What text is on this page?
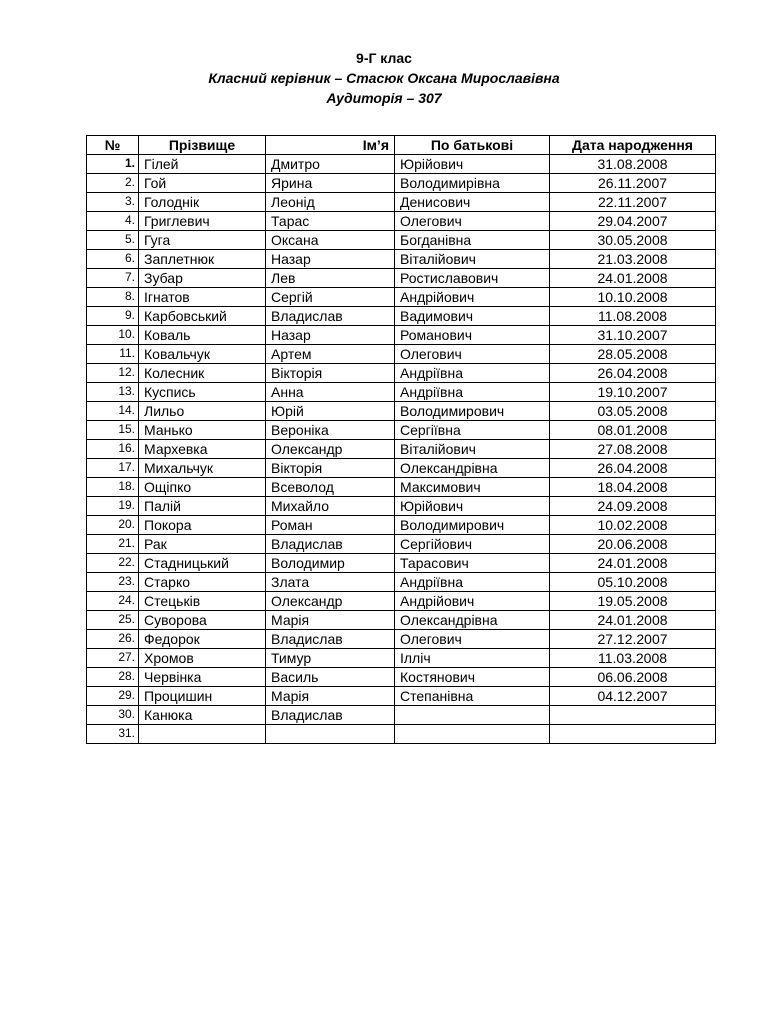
9-Г клас
Класний керівник – Стасюк Оксана Мирославівна
Аудиторія – 307
№	Прізвище	Ім’я	По батькові	Дата народження
1.	Гілей	Дмитро	Юрійович	31.08.2008
2.	Гой	Ярина	Володимирівна	26.11.2007
3.	Голоднік	Леонід	Денисович	22.11.2007
4.	Григлевич	Тарас	Олегович	29.04.2007
5.	Гуга	Оксана	Богданівна	30.05.2008
6.	Заплетнюк	Назар	Віталійович	21.03.2008
7.	Зубар	Лев	Ростиславович	24.01.2008
8.	Ігнатов	Сергій	Андрійович	10.10.2008
9.	Карбовський	Владислав	Вадимович	11.08.2008
10.	Коваль	Назар	Романович	31.10.2007
11.	Ковальчук	Артем	Олегович	28.05.2008
12.	Колесник	Вікторія	Андріївна	26.04.2008
13.	Куспись	Анна	Андріївна	19.10.2007
14.	Лильо	Юрій	Володимирович	03.05.2008
15.	Манько	Вероніка	Сергіївна	08.01.2008
16.	Мархевка	Олександр	Віталійович	27.08.2008
17.	Михальчук	Вікторія	Олександрівна	26.04.2008
18.	Ощіпко	Всеволод	Максимович	18.04.2008
19.	Палій	Михайло	Юрійович	24.09.2008
20.	Покора	Роман	Володимирович	10.02.2008
21.	Рак	Владислав	Сергійович	20.06.2008
22.	Стадницький	Володимир	Тарасович	24.01.2008
23.	Старко	Злата	Андріївна	05.10.2008
24.	Стецьків	Олександр	Андрійович	19.05.2008
25.	Суворова	Марія	Олександрівна	24.01.2008
26.	Федорок	Владислав	Олегович	27.12.2007
27.	Хромов	Тимур	Ілліч	11.03.2008
28.	Червінка	Василь	Костянович	06.06.2008
29.	Процишин	Марія	Степанівна	04.12.2007
30.	Канюка	Владислав		
31.				
